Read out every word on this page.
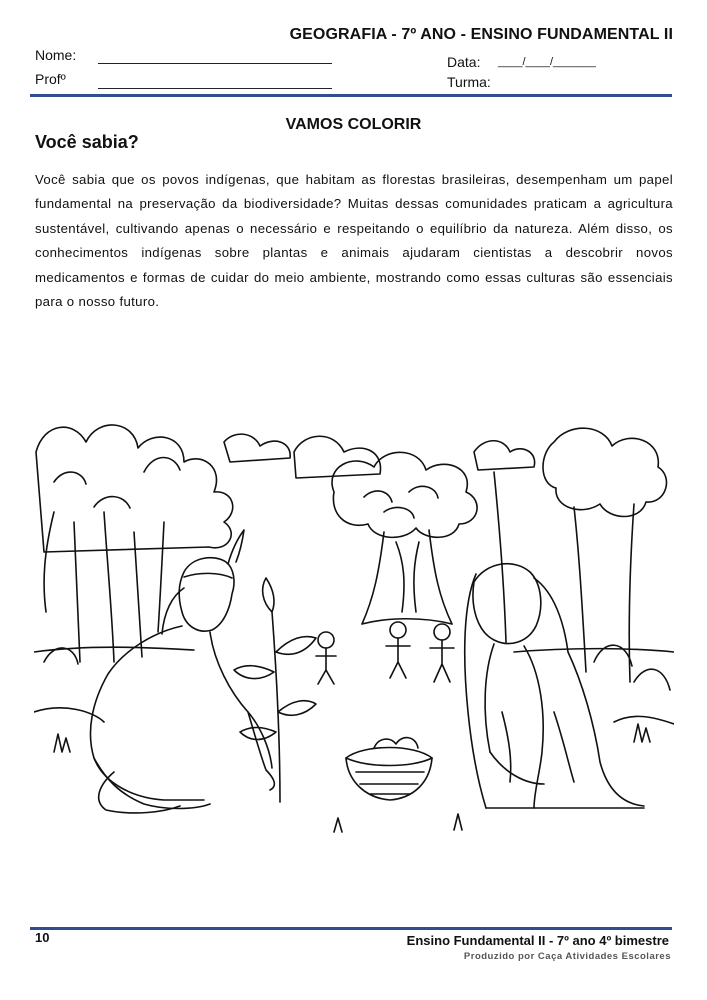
GEOGRAFIA - 7º ANO - ENSINO FUNDAMENTAL II
Nome:
Profº
Data: ____/____/_______
Turma:
VAMOS COLORIR
Você sabia?

Você sabia que os povos indígenas, que habitam as florestas brasileiras, desempenham um papel fundamental na preservação da biodiversidade? Muitas dessas comunidades praticam a agricultura sustentável, cultivando apenas o necessário e respeitando o equilíbrio da natureza. Além disso, os conhecimentos indígenas sobre plantas e animais ajudaram cientistas a descobrir novos medicamentos e formas de cuidar do meio ambiente, mostrando como essas culturas são essenciais para o nosso futuro.

10	Ensino Fundamental II - 7º ano 4º bimestre
Produzido por Caça Atividades Escolares
